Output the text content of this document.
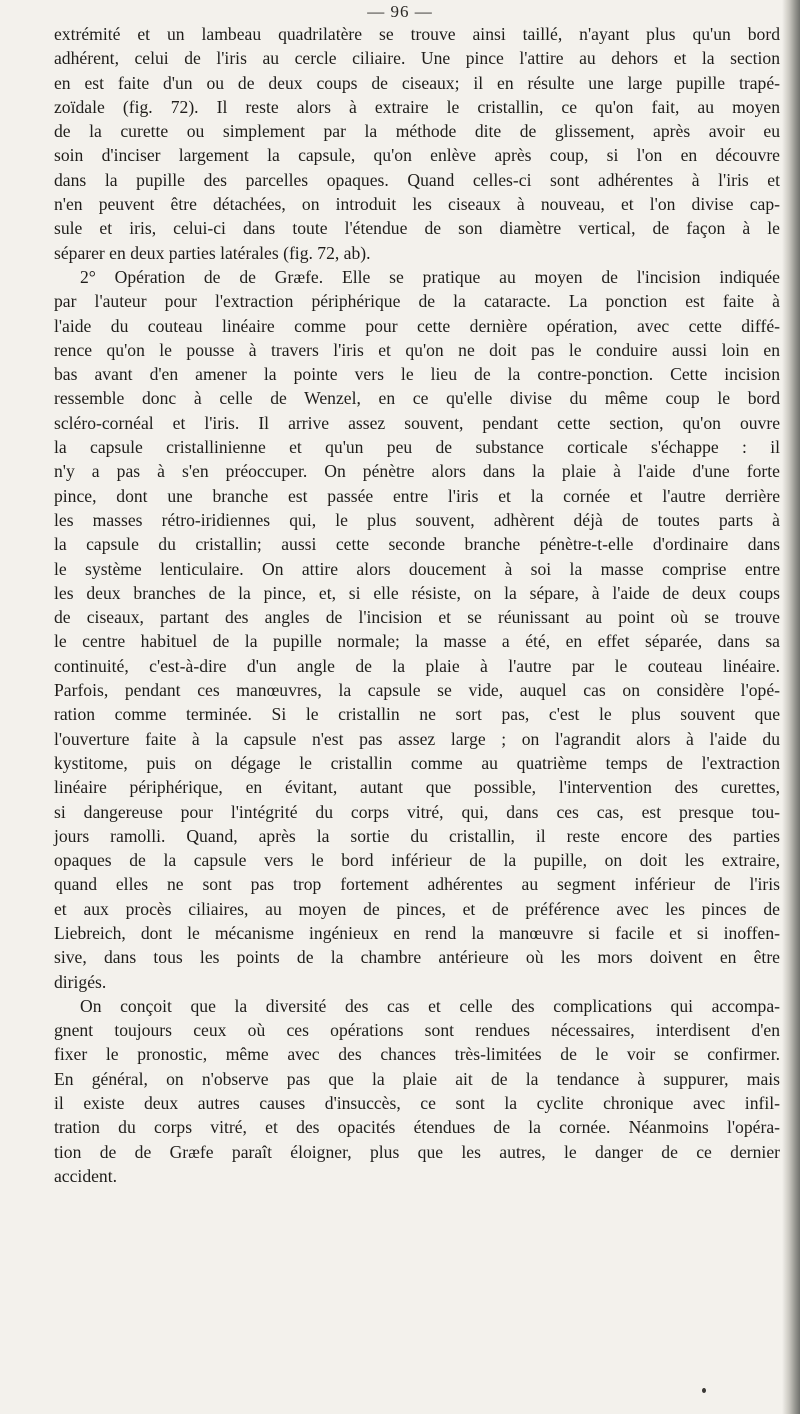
— 96 —
extrémité et un lambeau quadrilatère se trouve ainsi taillé, n'ayant plus qu'un bord
adhérent, celui de l'iris au cercle ciliaire. Une pince l'attire au dehors et la section
en est faite d'un ou de deux coups de ciseaux; il en résulte une large pupille trapé-
zoïdale (fig. 72). Il reste alors à extraire le cristallin, ce qu'on fait, au moyen
de la curette ou simplement par la méthode dite de glissement, après avoir eu
soin d'inciser largement la capsule, qu'on enlève après coup, si l'on en découvre
dans la pupille des parcelles opaques. Quand celles-ci sont adhérentes à l'iris et
n'en peuvent être détachées, on introduit les ciseaux à nouveau, et l'on divise cap-
sule et iris, celui-ci dans toute l'étendue de son diamètre vertical, de façon à le
séparer en deux parties latérales (fig. 72, ab).
2° Opération de de Græfe. Elle se pratique au moyen de l'incision indiquée
par l'auteur pour l'extraction périphérique de la cataracte. La ponction est faite à
l'aide du couteau linéaire comme pour cette dernière opération, avec cette diffé-
rence qu'on le pousse à travers l'iris et qu'on ne doit pas le conduire aussi loin en
bas avant d'en amener la pointe vers le lieu de la contre-ponction. Cette incision
ressemble donc à celle de Wenzel, en ce qu'elle divise du même coup le bord
scléro-cornéal et l'iris. Il arrive assez souvent, pendant cette section, qu'on ouvre
la capsule cristallinienne et qu'un peu de substance corticale s'échappe : il
n'y a pas à s'en préoccuper. On pénètre alors dans la plaie à l'aide d'une forte
pince, dont une branche est passée entre l'iris et la cornée et l'autre derrière
les masses rétro-iridiennes qui, le plus souvent, adhèrent déjà de toutes parts à
la capsule du cristallin; aussi cette seconde branche pénètre-t-elle d'ordinaire dans
le système lenticulaire. On attire alors doucement à soi la masse comprise entre
les deux branches de la pince, et, si elle résiste, on la sépare, à l'aide de deux coups
de ciseaux, partant des angles de l'incision et se réunissant au point où se trouve
le centre habituel de la pupille normale; la masse a été, en effet séparée, dans sa
continuité, c'est-à-dire d'un angle de la plaie à l'autre par le couteau linéaire.
Parfois, pendant ces manœuvres, la capsule se vide, auquel cas on considère l'opé-
ration comme terminée. Si le cristallin ne sort pas, c'est le plus souvent que
l'ouverture faite à la capsule n'est pas assez large ; on l'agrandit alors à l'aide du
kystitome, puis on dégage le cristallin comme au quatrième temps de l'extraction
linéaire périphérique, en évitant, autant que possible, l'intervention des curettes,
si dangereuse pour l'intégrité du corps vitré, qui, dans ces cas, est presque tou-
jours ramolli. Quand, après la sortie du cristallin, il reste encore des parties
opaques de la capsule vers le bord inférieur de la pupille, on doit les extraire,
quand elles ne sont pas trop fortement adhérentes au segment inférieur de l'iris
et aux procès ciliaires, au moyen de pinces, et de préférence avec les pinces de
Liebreich, dont le mécanisme ingénieux en rend la manœuvre si facile et si inoffen-
sive, dans tous les points de la chambre antérieure où les mors doivent en être
dirigés.
On conçoit que la diversité des cas et celle des complications qui accompa-
gnent toujours ceux où ces opérations sont rendues nécessaires, interdisent d'en
fixer le pronostic, même avec des chances très-limitées de le voir se confirmer.
En général, on n'observe pas que la plaie ait de la tendance à suppurer, mais
il existe deux autres causes d'insuccès, ce sont la cyclite chronique avec infil-
tration du corps vitré, et des opacités étendues de la cornée. Néanmoins l'opéra-
tion de de Græfe paraît éloigner, plus que les autres, le danger de ce dernier
accident.
